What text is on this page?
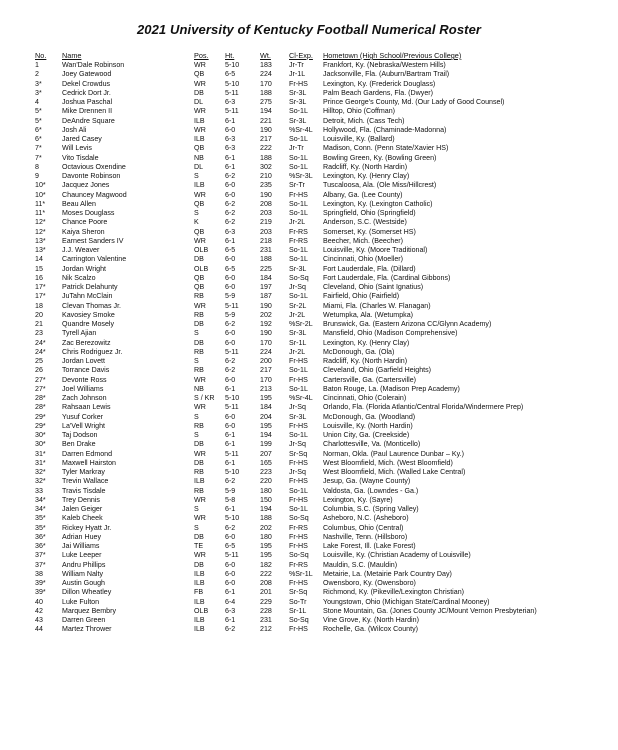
2021 University of Kentucky Football Numerical Roster
No. Name	Pos. Ht.	Wt. Cl-Exp. Hometown (High School/Previous College)
1	Wan'Dale Robinson	WR	5-10	183 Jr-Tr	Frankfort, Ky. (Nebraska/Western Hills)
2	Joey Gatewood	QB	6-5	224 Jr-1L	Jacksonville, Fla. (Auburn/Bartram Trail)
3*	Dekel Crowdus	WR	5-10	170 Fr-HS Lexington, Ky. (Frederick Douglass)
3*	Cedrick Dort Jr.	DB	5-11	188 Sr-3L Palm Beach Gardens, Fla. (Dwyer)
4	Joshua Paschal	DL	6-3	275 Sr-3L Prince George's County, Md. (Our Lady of Good Counsel)
5*	Mike Drennen II	WR	5-11	194 So-1L Hilltop, Ohio (Coffman)
5*	DeAndre Square	ILB	6-1	221 Sr-3L Detroit, Mich. (Cass Tech)
6*	Josh Ali	WR	6-0	190 %Sr-4L Hollywood, Fla. (Chaminade-Madonna)
6*	Jared Casey	ILB	6-3	217 So-1L Louisville, Ky. (Ballard)
7*	Will Levis	QB	6-3	222 Jr-Tr	Madison, Conn. (Penn State/Xavier HS)
7*	Vito Tisdale	NB	6-1	188 So-1L Bowling Green, Ky. (Bowling Green)
8	Octavious Oxendine	DL	6-1	302 So-1L Radcliff, Ky. (North Hardin)
9	Davonte Robinson	S	6-2	210 %Sr-3L Lexington, Ky. (Henry Clay)
10* Jacquez Jones	ILB	6-0	235 Sr-Tr	Tuscaloosa, Ala. (Ole Miss/Hillcrest)
10* Chauncey Magwood	WR	6-0	190 Fr-HS Albany, Ga. (Lee County)
11* Beau Allen	QB	6-2	208 So-1L Lexington, Ky. (Lexington Catholic)
11* Moses Douglass	S	6-2	203 So-1L Springfield, Ohio (Springfield)
12* Chance Poore	K	6-2	219 Jr-2L	Anderson, S.C. (Westside)
12* Kaiya Sheron	QB	6-3	203 Fr-RS Somerset, Ky. (Somerset HS)
13* Earnest Sanders IV	WR	6-1	218 Fr-RS Beecher, Mich. (Beecher)
13* J.J. Weaver	OLB 6-5	231 So-1L Louisville, Ky. (Moore Traditional)
14	Carrington Valentine	DB	6-0	188 So-1L Cincinnati, Ohio (Moeller)
15	Jordan Wright	OLB 6-5	225 Sr-3L Fort Lauderdale, Fla. (Dillard)
16	Nik Scalzo	QB	6-0	184 So-Sq Fort Lauderdale, Fla. (Cardinal Gibbons)
17* Patrick Delahunty	QB	6-0	197 Jr-Sq Cleveland, Ohio (Saint Ignatius)
17* JuTahn McClain	RB	5-9	187 So-1L Fairfield, Ohio (Fairfield)
18	Clevan Thomas Jr.	WR	5-11	190 Sr-2L Miami, Fla. (Charles W. Flanagan)
20	Kavosiey Smoke	RB	5-9	202 Jr-2L	Wetumpka, Ala. (Wetumpka)
21	Quandre Mosely	DB	6-2	192 %Sr-2L Brunswick, Ga. (Eastern Arizona CC/Glynn Academy)
23	Tyrell Ajian	S	6-0	190 Sr-3L Mansfield, Ohio (Madison Comprehensive)
24* Zac Berezowitz	DB	6-0	170 Sr-1L Lexington, Ky. (Henry Clay)
24* Chris Rodriguez Jr.	RB	5-11	224 Jr-2L	McDonough, Ga. (Ola)
25	Jordan Lovett	S	6-2	200 Fr-HS Radcliff, Ky. (North Hardin)
26	Torrance Davis	RB	6-2	217 So-1L Cleveland, Ohio (Garfield Heights)
27* Devonte Ross	WR	6-0	170 Fr-HS Cartersville, Ga. (Cartersville)
27* Joel Williams	NB	6-1	213 So-1L Baton Rouge, La. (Madison Prep Academy)
28* Zach Johnson	S / KR 5-10	195 %Sr-4L Cincinnati, Ohio (Colerain)
28* Rahsaan Lewis	WR	5-11	184 Jr-Sq Orlando, Fla. (Florida Atlantic/Central Florida/Windermere Prep)
29* Yusuf Corker	S	6-0	204 Sr-3L McDonough, Ga. (Woodland)
29* La'Vell Wright	RB	6-0	195 Fr-HS Louisville, Ky. (North Hardin)
30* Taj Dodson	S	6-1	194 So-1L Union City, Ga. (Creekside)
30* Ben Drake	DB	6-1	199 Jr-Sq Charlottesville, Va. (Monticello)
31* Darren Edmond	WR	5-11	207 Sr-Sq Norman, Okla. (Paul Laurence Dunbar – Ky.)
31* Maxwell Hairston	DB	6-1	165 Fr-HS West Bloomfield, Mich. (West Bloomfield)
32* Tyler Markray	RB	5-10	223 Jr-Sq West Bloomfield, Mich. (Walled Lake Central)
32* Trevin Wallace	ILB	6-2	220 Fr-HS Jesup, Ga. (Wayne County)
33	Travis Tisdale	RB	5-9	180 So-1L Valdosta, Ga. (Lowndes - Ga.)
34* Trey Dennis	WR	5-8	150 Fr-HS Lexington, Ky. (Sayre)
34* Jalen Geiger	S	6-1	194 So-1L Columbia, S.C. (Spring Valley)
35* Kaleb Cheek	WR	5-10	188 So-Sq Asheboro, N.C. (Asheboro)
35* Rickey Hyatt Jr.	S	6-2	202 Fr-RS Columbus, Ohio (Central)
36* Adrian Huey	DB	6-0	180 Fr-HS Nashville, Tenn. (Hillsboro)
36* Jai Williams	TE	6-5	195 Fr-HS Lake Forest, Ill. (Lake Forest)
37* Luke Leeper	WR	5-11	195 So-Sq Louisville, Ky. (Christian Academy of Louisville)
37* Andru Phillips	DB	6-0	182 Fr-RS Mauldin, S.C. (Mauldin)
38	William Nalty	ILB	6-0	222 %Sr-1L Metairie, La. (Metairie Park Country Day)
39* Austin Gough	ILB	6-0	208 Fr-HS Owensboro, Ky. (Owensboro)
39* Dillon Wheatley	FB	6-1	201 Sr-Sq Richmond, Ky. (Pikeville/Lexington Christian)
40	Luke Fulton	ILB	6-4	229 So-Tr Youngstown, Ohio (Michigan State/Cardinal Mooney)
42	Marquez Bembry	OLB 6-3	228 Sr-1L Stone Mountain, Ga. (Jones County JC/Mount Vernon Presbyterian)
43	Darren Green	ILB	6-1	231 So-Sq Vine Grove, Ky. (North Hardin)
44	Martez Thrower	ILB	6-2	212 Fr-HS Rochelle, Ga. (Wilcox County)
